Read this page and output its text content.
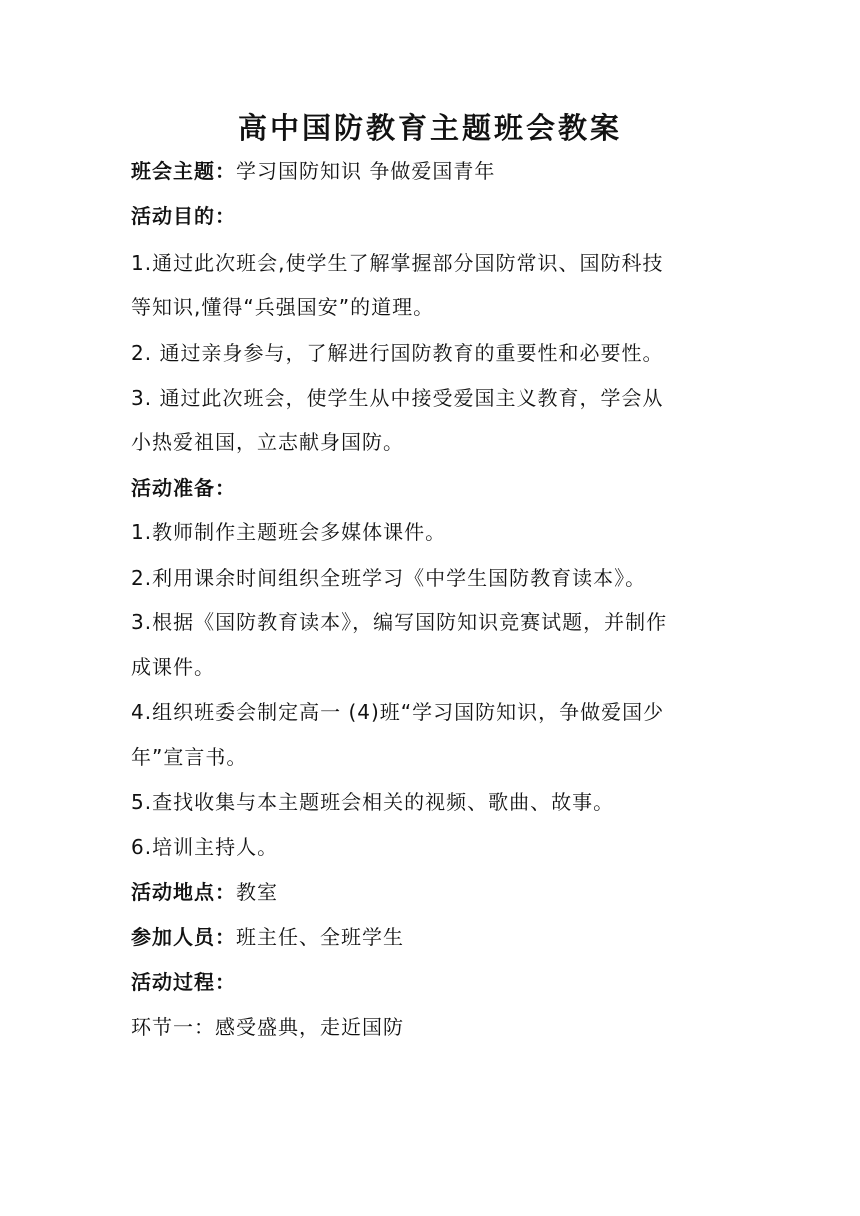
高中国防教育主题班会教案
班会主题：学习国防知识 争做爱国青年
活动目的：
1.通过此次班会,使学生了解掌握部分国防常识、国防科技
等知识,懂得“兵强国安”的道理。
2. 通过亲身参与，了解进行国防教育的重要性和必要性。
3. 通过此次班会，使学生从中接受爱国主义教育，学会从
小热爱祖国，立志献身国防。
活动准备：
1.教师制作主题班会多媒体课件。
2.利用课余时间组织全班学习《中学生国防教育读本》。
3.根据《国防教育读本》，编写国防知识竞赛试题，并制作
成课件。
4.组织班委会制定高一 (4)班“学习国防知识，争做爱国少
年”宣言书。
5.查找收集与本主题班会相关的视频、歌曲、故事。
6.培训主持人。
活动地点：教室
参加人员：班主任、全班学生
活动过程：
环节一：感受盛典，走近国防
